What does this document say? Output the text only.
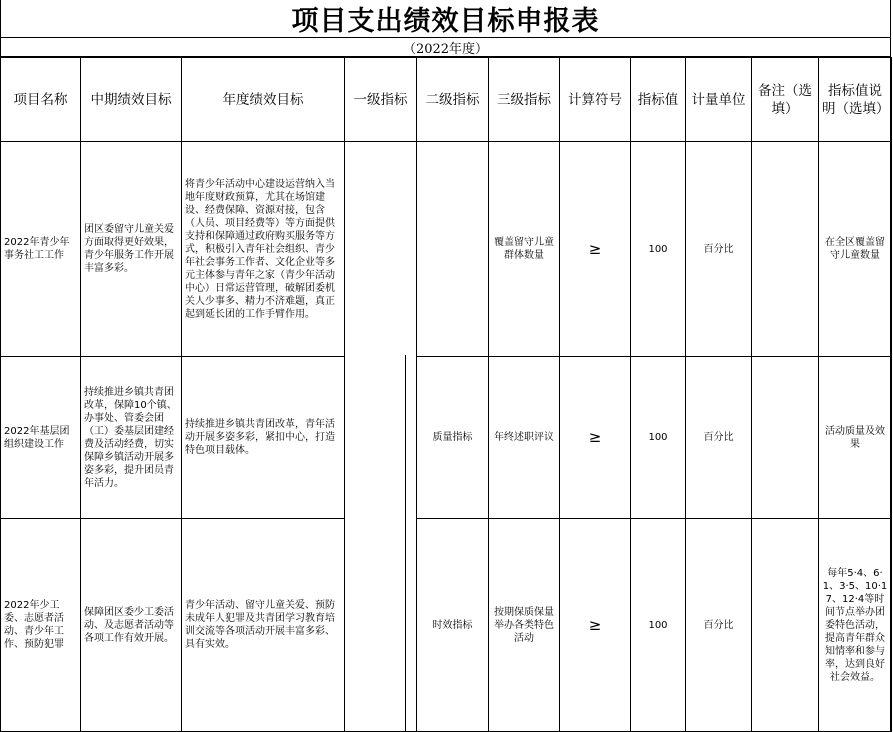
项目支出绩效目标申报表
（2022年度）
项目名称	中期绩效目标	年度绩效目标	一级指标	二级指标	三级指标	计算符号	指标值	计量单位	备注（选填）	指标值说明（选填）
2022年青少年事务社工工作	团区委留守儿童关爱方面取得更好效果，青少年服务工作开展丰富多彩。	将青少年活动中心建设运营纳入当地年度财政预算，尤其在场馆建设、经费保障、资源对接，包含（人员、项目经费等）等方面提供支持和保障通过政府购买服务等方式，积极引入青年社会组织、青少年社会事务工作者、文化企业等多元主体参与青年之家（青少年活动中心）日常运营管理，破解团委机关人少事多、精力不济难题，真正起到延长团的工作手臂作用。			覆盖留守儿童群体数量	≥	100	百分比		在全区覆盖留守儿童数量
2022年基层团组织建设工作	持续推进乡镇共青团改革，保障10个镇、办事处、管委会团（工）委基层团建经费及活动经费，切实保障乡镇活动开展多姿多彩，提升团员青年活力。	持续推进乡镇共青团改革，青年活动开展多姿多彩，紧扣中心，打造特色项目载体。		质量指标	年终述职评议	≥	100	百分比		活动质量及效果
2022年少工委、志愿者活动、青少年工作、预防犯罪	保障团区委少工委活动、及志愿者活动等各项工作有效开展。	青少年活动、留守儿童关爱、预防未成年人犯罪及共青团学习教育培训交流等各项活动开展丰富多彩、具有实效。		时效指标	按期保质保量举办各类特色活动	≥	100	百分比		每年5·4、6·1、3·5、10·17、12·4等时间节点举办团委特色活动，提高青年群众知情率和参与率，达到良好社会效益。
